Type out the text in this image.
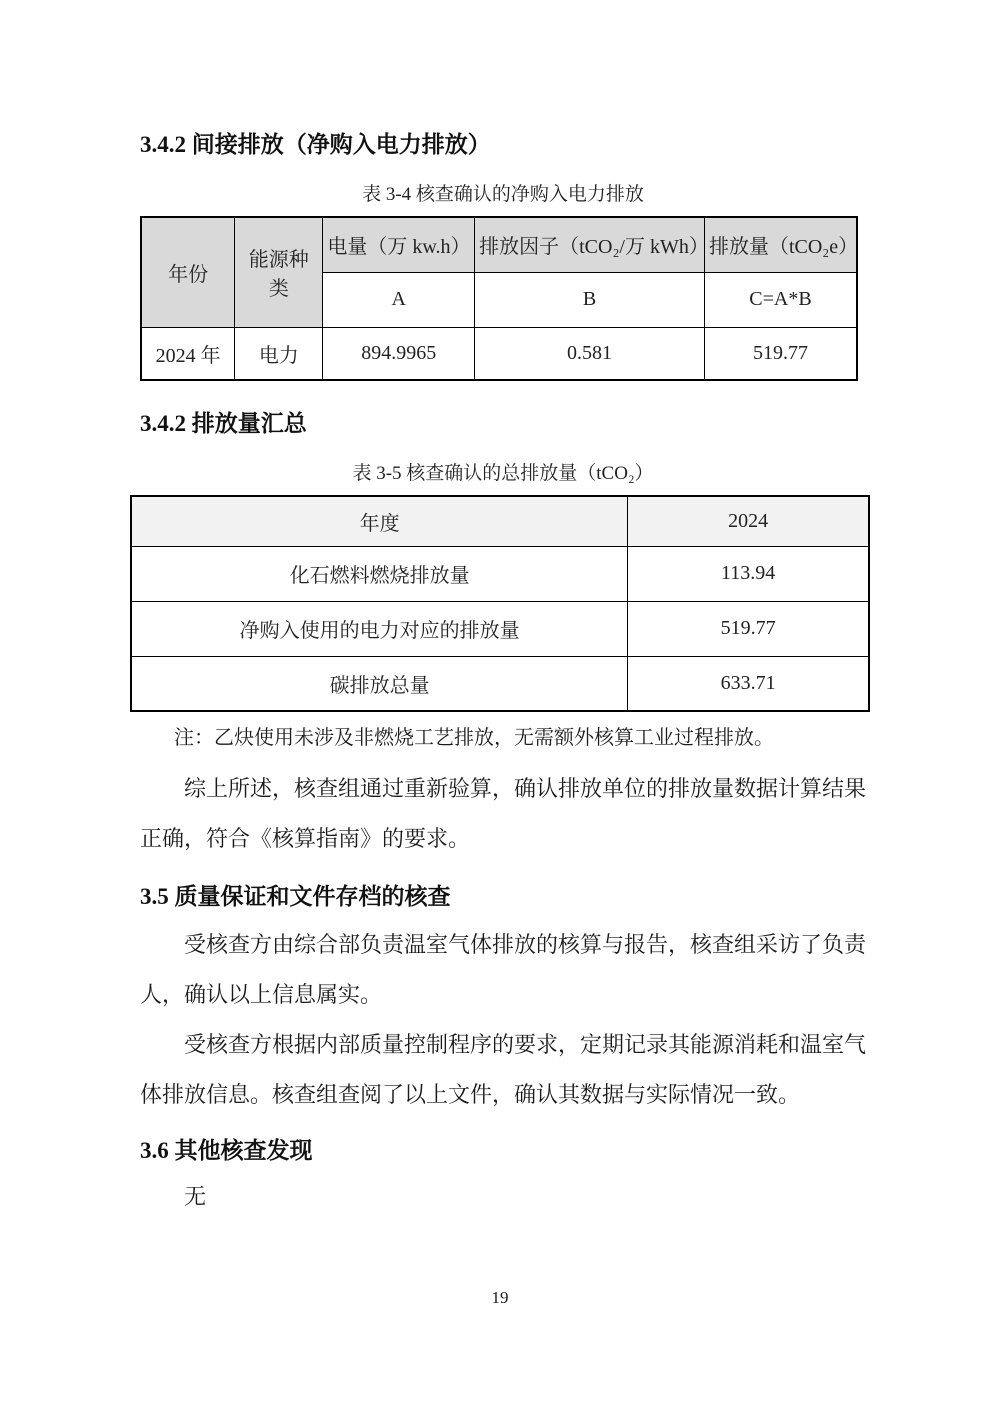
3.4.2 间接排放（净购入电力排放）
表 3-4 核查确认的净购入电力排放
年份	能源种类	电量（万 kw.h）	排放因子（tCO₂/万 kWh）	排放量（tCO₂e）
		A	B	C=A*B
2024 年	电力	894.9965	0.581	519.77
3.4.2 排放量汇总
表 3-5 核查确认的总排放量（tCO₂）
年度	2024
化石燃料燃烧排放量	113.94
净购入使用的电力对应的排放量	519.77
碳排放总量	633.71
注：乙炔使用未涉及非燃烧工艺排放，无需额外核算工业过程排放。

综上所述，核查组通过重新验算，确认排放单位的排放量数据计算结果正确，符合《核算指南》的要求。

3.5 质量保证和文件存档的核查

受核查方由综合部负责温室气体排放的核算与报告，核查组采访了负责人，确认以上信息属实。

受核查方根据内部质量控制程序的要求，定期记录其能源消耗和温室气体排放信息。核查组查阅了以上文件，确认其数据与实际情况一致。

3.6 其他核查发现

无

19
